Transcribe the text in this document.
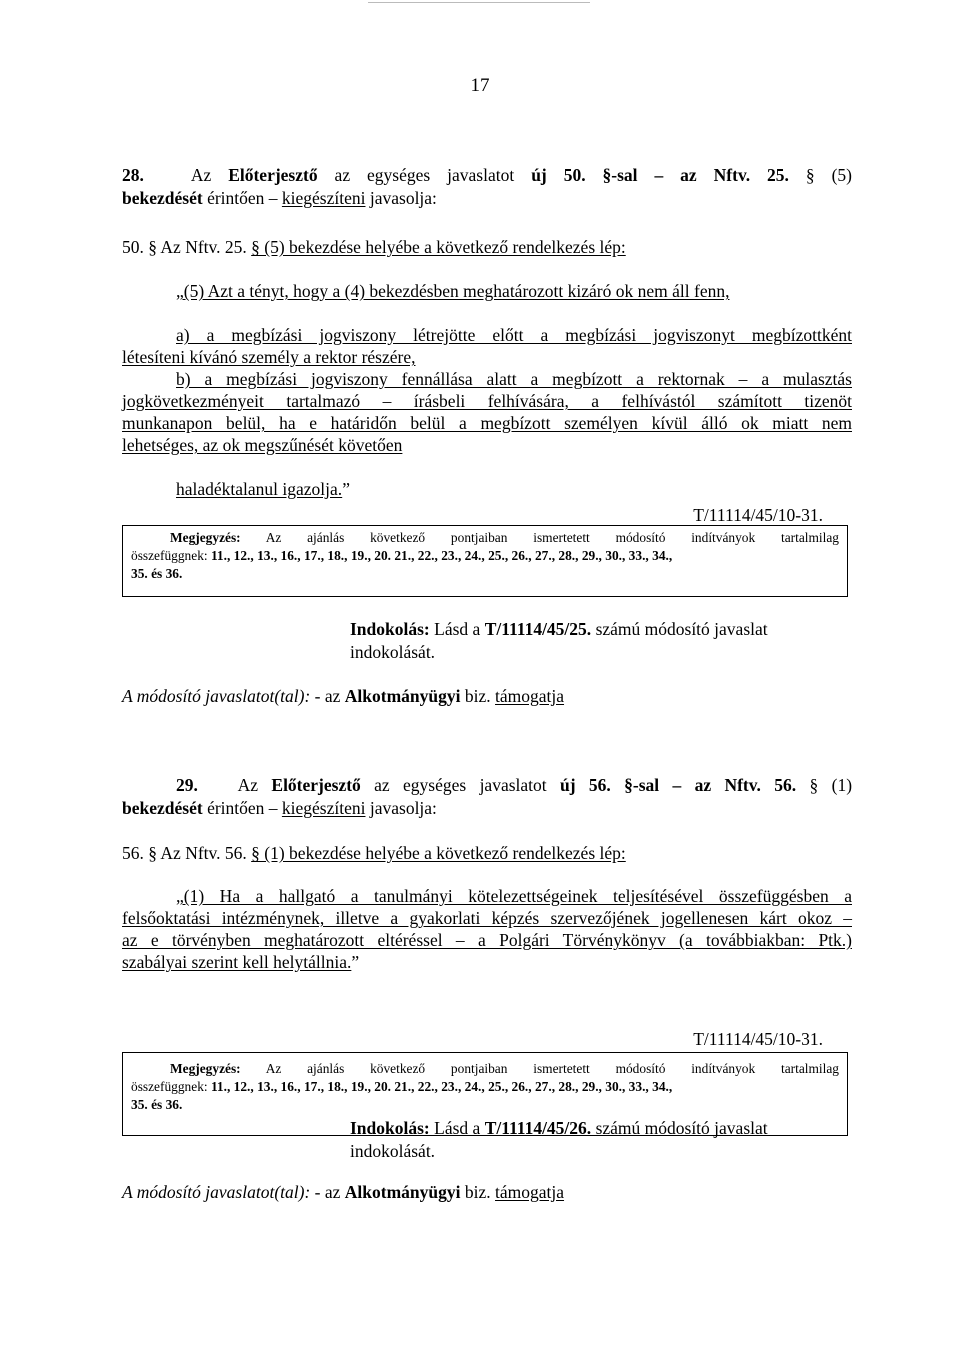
17
28.	Az Előterjesztő az egységes javaslatot új 50. §-sal – az Nftv. 25. § (5)
bekezdését érintően – kiegészíteni javasolja:
50. § Az Nftv. 25. § (5) bekezdése helyébe a következő rendelkezés lép:
„(5) Azt a tényt, hogy a (4) bekezdésben meghatározott kizáró ok nem áll fenn,
a) a megbízási jogviszony létrejötte előtt a megbízási jogviszonyt megbízottként
létesíteni kívánó személy a rektor részére,
b) a megbízási jogviszony fennállása alatt a megbízott a rektornak – a mulasztás
jogkövetkezményeit tartalmazó – írásbeli felhívására, a felhívástól számított tizenöt
munkanapon belül, ha e határidőn belül a megbízott személyen kívül álló ok miatt nem
lehetséges, az ok megszűnését követően
haladéktalanul igazolja.”
T/11114/45/10-31.
Megjegyzés: Az ajánlás következő pontjaiban ismertetett módosító indítványok tartalmilag
összefüggnek: 11., 12., 13., 16., 17., 18., 19., 20. 21., 22., 23., 24., 25., 26., 27., 28., 29., 30., 33., 34.,
35. és 36.
Indokolás: Lásd a T/11114/45/25. számú módosító javaslat
indokolását.
A módosító javaslatot(tal): - az Alkotmányügyi biz. támogatja
29. Az Előterjesztő az egységes javaslatot új 56. §-sal – az Nftv. 56. § (1)
bekezdését érintően – kiegészíteni javasolja:
56. § Az Nftv. 56. § (1) bekezdése helyébe a következő rendelkezés lép:
„(1) Ha a hallgató a tanulmányi kötelezettségeinek teljesítésével összefüggésben a
felsőoktatási intézménynek, illetve a gyakorlati képzés szervezőjének jogellenesen kárt okoz –
az e törvényben meghatározott eltéréssel – a Polgári Törvénykönyv (a továbbiakban: Ptk.)
szabályai szerint kell helytállnia.”
T/11114/45/10-31.
Megjegyzés: Az ajánlás következő pontjaiban ismertetett módosító indítványok tartalmilag
összefüggnek: 11., 12., 13., 16., 17., 18., 19., 20. 21., 22., 23., 24., 25., 26., 27., 28., 29., 30., 33., 34.,
35. és 36.
Indokolás: Lásd a T/11114/45/26. számú módosító javaslat
indokolását.
A módosító javaslatot(tal): - az Alkotmányügyi biz. támogatja
